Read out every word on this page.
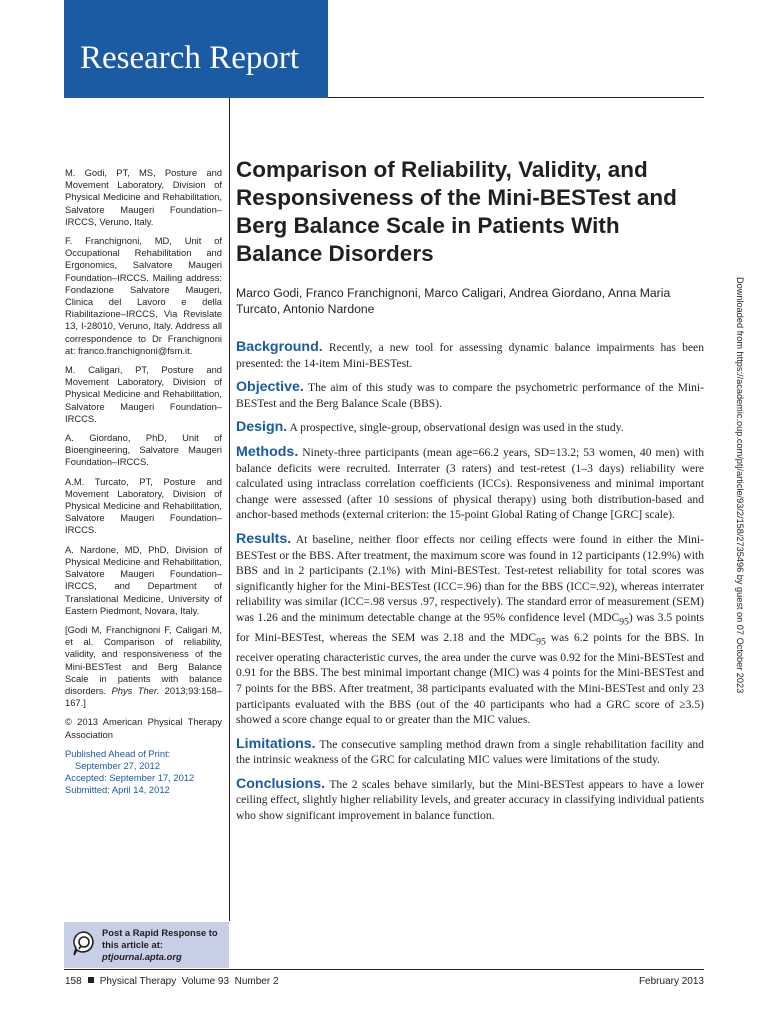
Research Report

M. Godi, PT, MS, Posture and Movement Laboratory, Division of Physical Medicine and Rehabilitation, Salvatore Maugeri Foundation–IRCCS, Veruno, Italy.

F. Franchignoni, MD, Unit of Occupational Rehabilitation and Ergonomics, Salvatore Maugeri Foundation–IRCCS. Mailing address: Fondazione Salvatore Maugeri, Clinica del Lavoro e della Riabilitazione–IRCCS, Via Revislate 13, I-28010, Veruno, Italy. Address all correspondence to Dr Franchignoni at: franco.franchignoni@fsm.it.

M. Caligari, PT, Posture and Movement Laboratory, Division of Physical Medicine and Rehabilitation, Salvatore Maugeri Foundation–IRCCS.

A. Giordano, PhD, Unit of Bioengineering, Salvatore Maugeri Foundation–IRCCS.

A.M. Turcato, PT, Posture and Movement Laboratory, Division of Physical Medicine and Rehabilitation, Salvatore Maugeri Foundation–IRCCS.

A. Nardone, MD, PhD, Division of Physical Medicine and Rehabilitation, Salvatore Maugeri Foundation–IRCCS, and Department of Translational Medicine, University of Eastern Piedmont, Novara, Italy.

[Godi M, Franchignoni F, Caligari M, et al. Comparison of reliability, validity, and responsiveness of the Mini-BESTest and Berg Balance Scale in patients with balance disorders. Phys Ther. 2013;93:158–167.]

© 2013 American Physical Therapy Association

Published Ahead of Print:

September 27, 2012

Accepted: September 17, 2012

Submitted: April 14, 2012

Post a Rapid Response to
this article at:
ptjournal.apta.org
Comparison of Reliability, Validity, and Responsiveness of the Mini-BESTest and Berg Balance Scale in Patients With Balance Disorders

Marco Godi, Franco Franchignoni, Marco Caligari, Andrea Giordano, Anna Maria Turcato, Antonio Nardone

Background. Recently, a new tool for assessing dynamic balance impairments has been presented: the 14-item Mini-BESTest.

Objective. The aim of this study was to compare the psychometric performance of the Mini-BESTest and the Berg Balance Scale (BBS).

Design. A prospective, single-group, observational design was used in the study.

Methods. Ninety-three participants (mean age=66.2 years, SD=13.2; 53 women, 40 men) with balance deficits were recruited. Interrater (3 raters) and test-retest (1–3 days) reliability were calculated using intraclass correlation coefficients (ICCs). Responsiveness and minimal important change were assessed (after 10 sessions of physical therapy) using both distribution-based and anchor-based methods (external criterion: the 15-point Global Rating of Change [GRC] scale).

Results. At baseline, neither floor effects nor ceiling effects were found in either the Mini-BESTest or the BBS. After treatment, the maximum score was found in 12 participants (12.9%) with BBS and in 2 participants (2.1%) with Mini-BESTest. Test-retest reliability for total scores was significantly higher for the Mini-BESTest (ICC=.96) than for the BBS (ICC=.92), whereas interrater reliability was similar (ICC=.98 versus .97, respectively). The standard error of measurement (SEM) was 1.26 and the minimum detectable change at the 95% confidence level $(MDC_{95})$ was 3.5 points for Mini-BESTest, whereas the SEM was 2.18 and the $MDC_{95}$ was 6.2 points for the BBS. In receiver operating characteristic curves, the area under the curve was 0.92 for the Mini-BESTest and 0.91 for the BBS. The best minimal important change (MIC) was 4 points for the Mini-BESTest and 7 points for the BBS. After treatment, 38 participants evaluated with the Mini-BESTest and only 23 participants evaluated with the BBS (out of the 40 participants who had a GRC score of ≥3.5) showed a score change equal to or greater than the MIC values.

Limitations. The consecutive sampling method drawn from a single rehabilitation facility and the intrinsic weakness of the GRC for calculating MIC values were limitations of the study.

Conclusions. The 2 scales behave similarly, but the Mini-BESTest appears to have a lower ceiling effect, slightly higher reliability levels, and greater accuracy in classifying individual patients who show significant improvement in balance function.

Downloaded from https://academic.oup.com/ptj/article/93/2/158/2735496 by guest on 07 October 2023
158 Physical Therapy Volume 93 Number 2	February 2013
